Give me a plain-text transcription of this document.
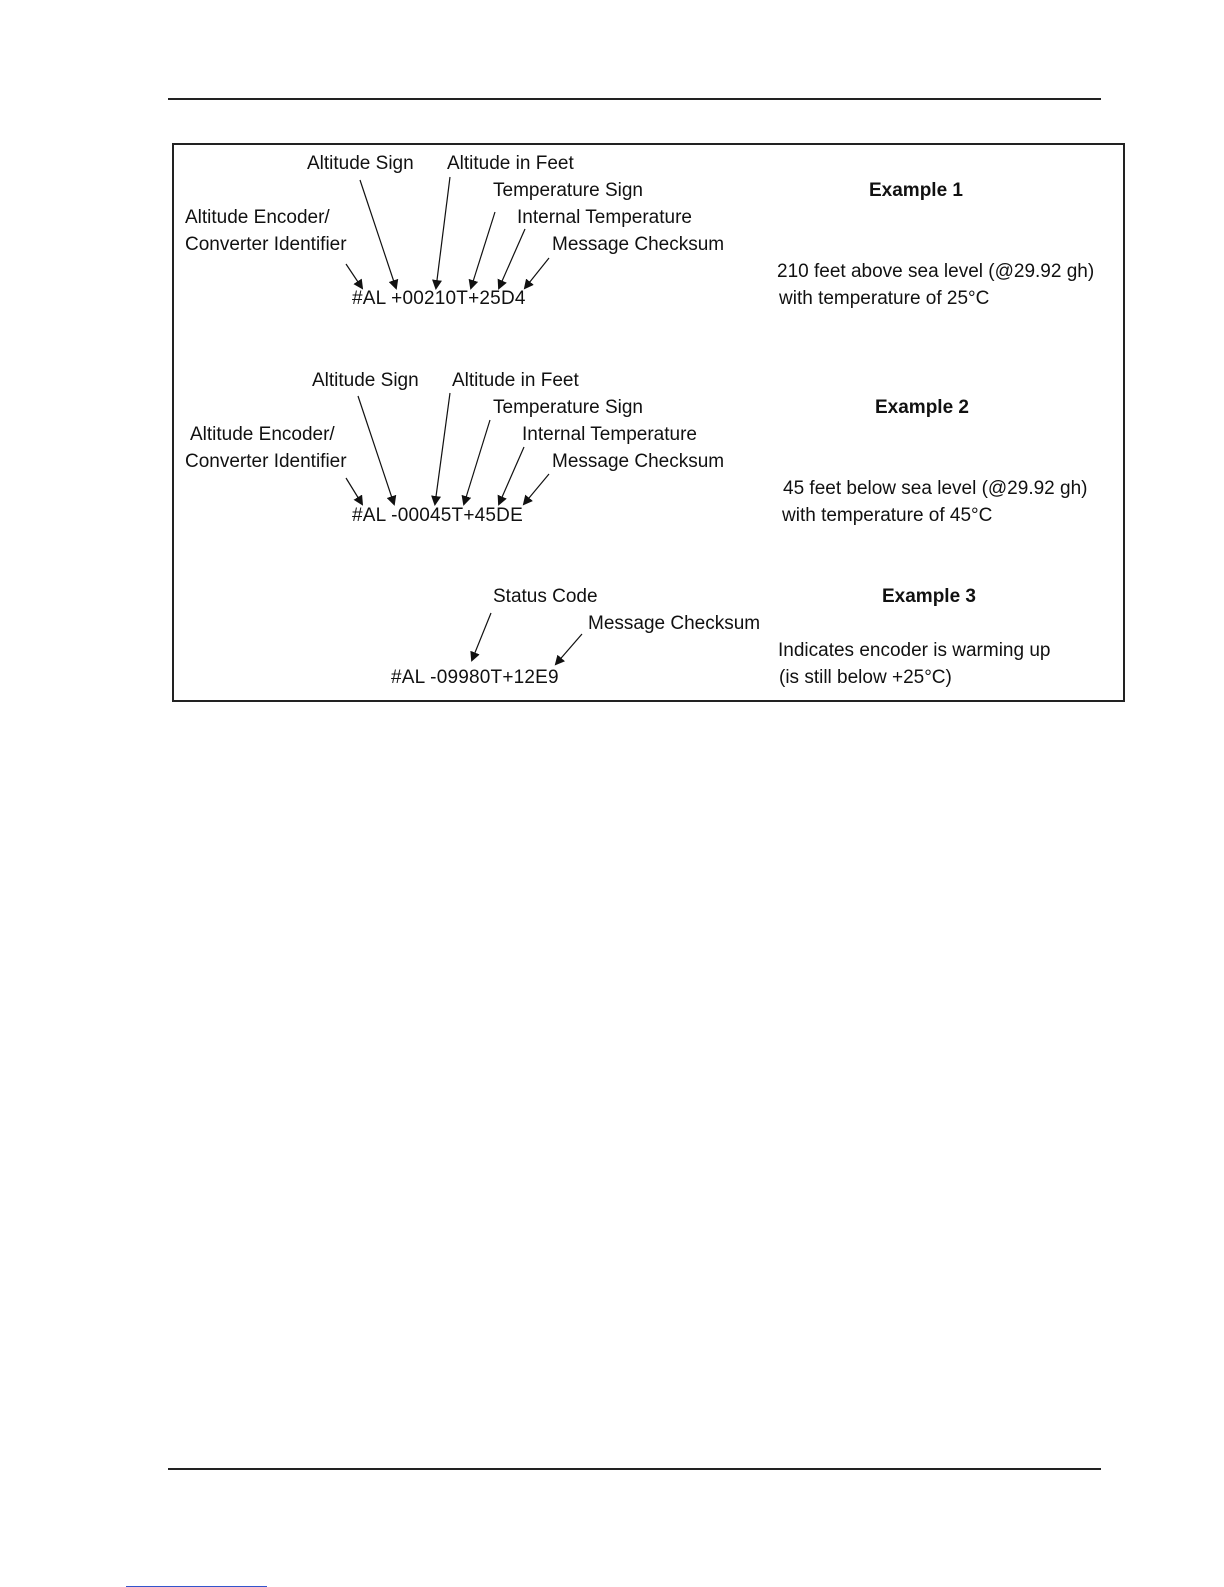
Altitude Sign Altitude in Feet
Temperature Sign	Example 1
Altitude Encoder/	Internal Temperature
Converter Identifier	Message Checksum
210 feet above sea level (@29.92 gh)
#AL +00210T+25D4	with temperature of 25°C
Altitude Sign Altitude in Feet
Temperature Sign	Example 2
Altitude Encoder/	Internal Temperature
Converter Identifier	Message Checksum
45 feet below sea level (@29.92 gh)
#AL -00045T+45DE	with temperature of 45°C
Status Code	Example 3
Message Checksum
Indicates encoder is warming up
#AL -09980T+12E9	(is still below +25°C)
